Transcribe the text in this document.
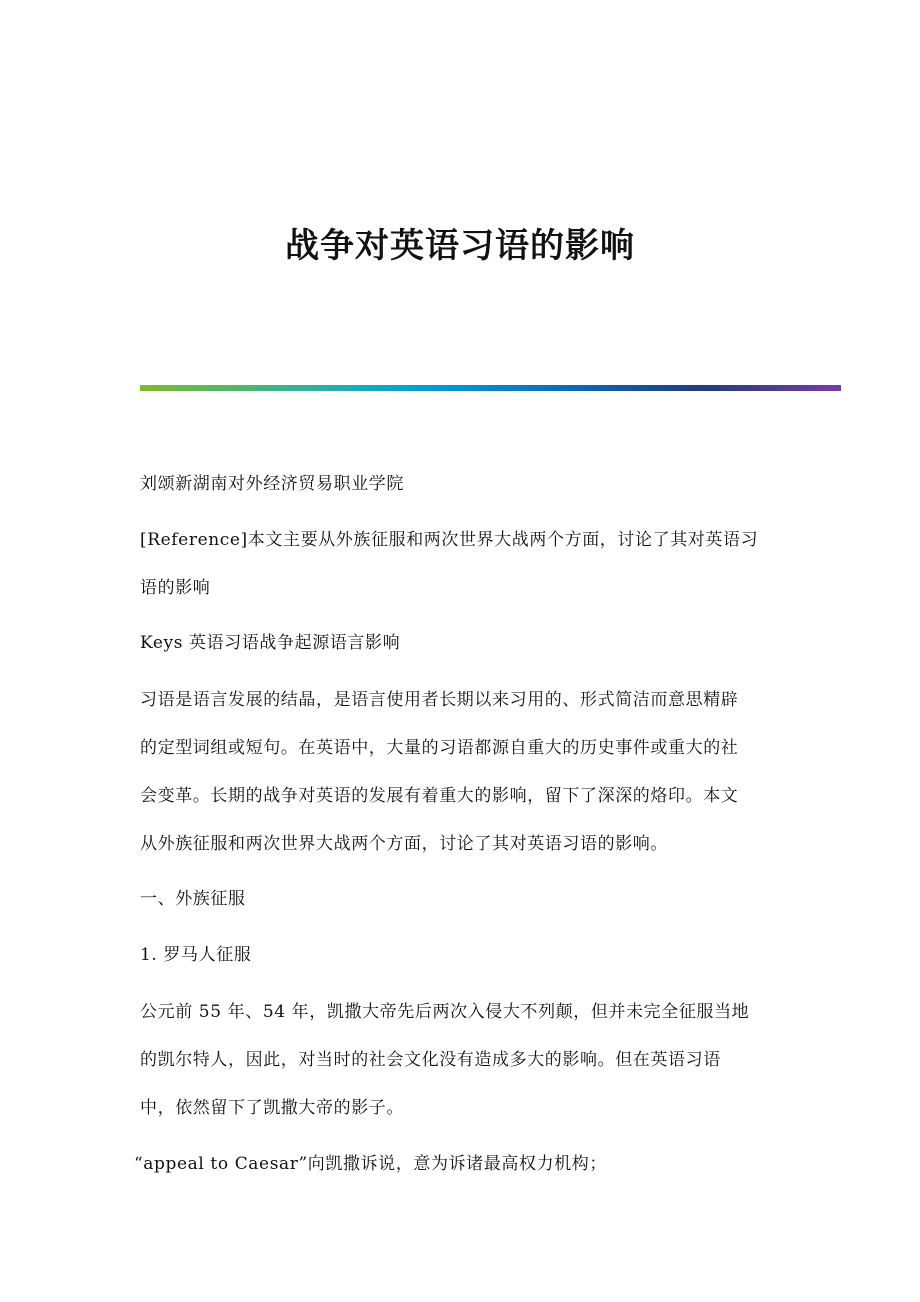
战争对英语习语的影响
刘颂新湖南对外经济贸易职业学院
[Reference]本文主要从外族征服和两次世界大战两个方面，讨论了其对英语习
语的影响
Keys 英语习语战争起源语言影响
习语是语言发展的结晶，是语言使用者长期以来习用的、形式简洁而意思精辟
的定型词组或短句。在英语中，大量的习语都源自重大的历史事件或重大的社
会变革。长期的战争对英语的发展有着重大的影响，留下了深深的烙印。本文
从外族征服和两次世界大战两个方面，讨论了其对英语习语的影响。
一、外族征服
1. 罗马人征服
公元前 55 年、54 年，凯撒大帝先后两次入侵大不列颠，但并未完全征服当地
的凯尔特人，因此，对当时的社会文化没有造成多大的影响。但在英语习语
中，依然留下了凯撒大帝的影子。
“appeal to Caesar”向凯撒诉说，意为诉诸最高权力机构；
